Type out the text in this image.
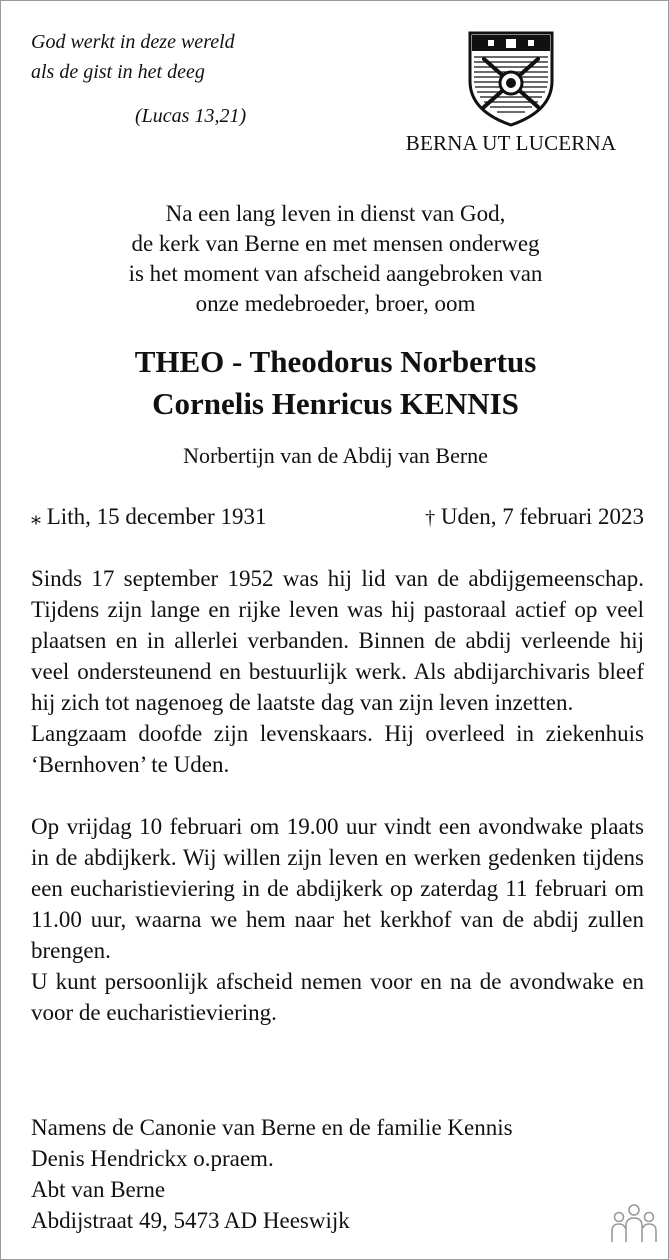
God werkt in deze wereld
als de gist in het deeg
(Lucas 13,21)
BERNA UT LUCERNA
Na een lang leven in dienst van God,
de kerk van Berne en met mensen onderweg
is het moment van afscheid aangebroken van
onze medebroeder, broer, oom
THEO - Theodorus Norbertus
Cornelis Henricus KENNIS
Norbertijn van de Abdij van Berne
⁎ Lith, 15 december 1931	† Uden, 7 februari 2023

Sinds 17 september 1952 was hij lid van de abdijgemeenschap. Tijdens zijn lange en rijke leven was hij pastoraal actief op veel plaatsen en in allerlei verbanden. Binnen de abdij verleende hij veel ondersteunend en bestuurlijk werk. Als abdijarchivaris bleef hij zich tot nagenoeg de laatste dag van zijn leven inzetten.

Langzaam doofde zijn levenskaars. Hij overleed in ziekenhuis ‘Bernhoven’ te Uden.

Op vrijdag 10 februari om 19.00 uur vindt een avondwake plaats in de abdijkerk. Wij willen zijn leven en werken gedenken tijdens een eucharistieviering in de abdijkerk op zaterdag 11 februari om 11.00 uur, waarna we hem naar het kerkhof van de abdij zullen brengen.

U kunt persoonlijk afscheid nemen voor en na de avondwake en voor de eucharistieviering.

Namens de Canonie van Berne en de familie Kennis
Denis Hendrickx o.praem.
Abt van Berne
Abdijstraat 49, 5473 AD Heeswijk
